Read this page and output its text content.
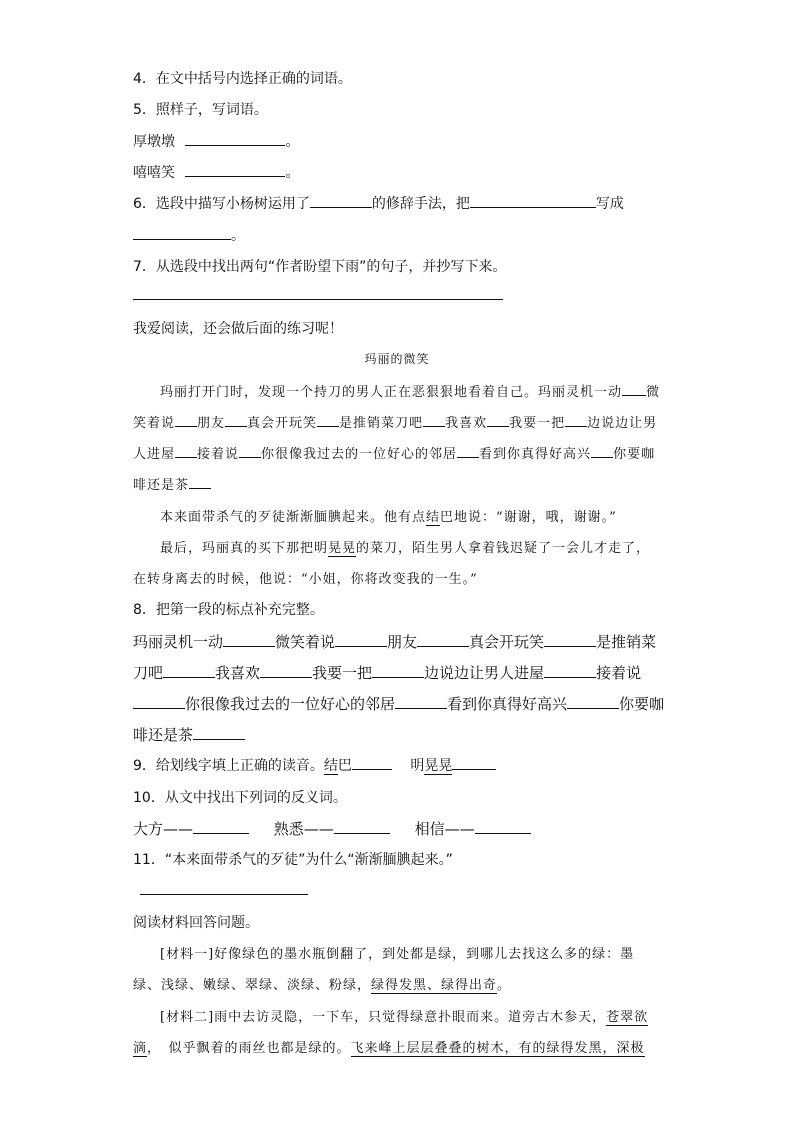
4．在文中括号内选择正确的词语。
5．照样子，写词语。
厚墩墩	。
嘻嘻笑	。
6．选段中描写小杨树运用了	的修辞手法，把	写成
。
7．从选段中找出两句“作者盼望下雨”的句子，并抄写下来。
我爱阅读，还会做后面的练习呢！
玛丽的微笑
玛丽打开门时，发现一个持刀的男人正在恶狠狠地看着自己。玛丽灵机一动 微
笑着说 朋友 真会开玩笑 是推销菜刀吧 我喜欢 我要一把 边说边让男
人进屋 接着说 你很像我过去的一位好心的邻居 看到你真得好高兴 你要咖
啡还是茶
本来面带杀气的歹徒渐渐腼腆起来。他有点结巴地说：“谢谢，哦，谢谢。”
最后，玛丽真的买下那把明晃晃的菜刀，陌生男人拿着钱迟疑了一会儿才走了，
在转身离去的时候，他说：“小姐，你将改变我的一生。”
8．把第一段的标点补充完整。
玛丽灵机一动	微笑着说	朋友	真会开玩笑	是推销菜
刀吧	我喜欢	我要一把	边说边让男人进屋	接着说
你很像我过去的一位好心的邻居	看到你真得好高兴	你要咖
啡还是茶
9．给划线字填上正确的读音。结巴	明晃晃
10．从文中找出下列词的反义词。
大方——	熟悉——	相信——
11．“本来面带杀气的歹徒”为什么“渐渐腼腆起来。”
阅读材料回答问题。
[材料一]好像绿色的墨水瓶倒翻了，到处都是绿，到哪儿去找这么多的绿：墨
绿、浅绿、嫩绿、翠绿、淡绿、粉绿，绿得发黑、绿得出奇。
[材料二]雨中去访灵隐，一下车，只觉得绿意扑眼而来。道旁古木参天，苍翠欲
滴，　似乎飘着的雨丝也都是绿的。飞来峰上层层叠叠的树木，有的绿得发黑，深极
